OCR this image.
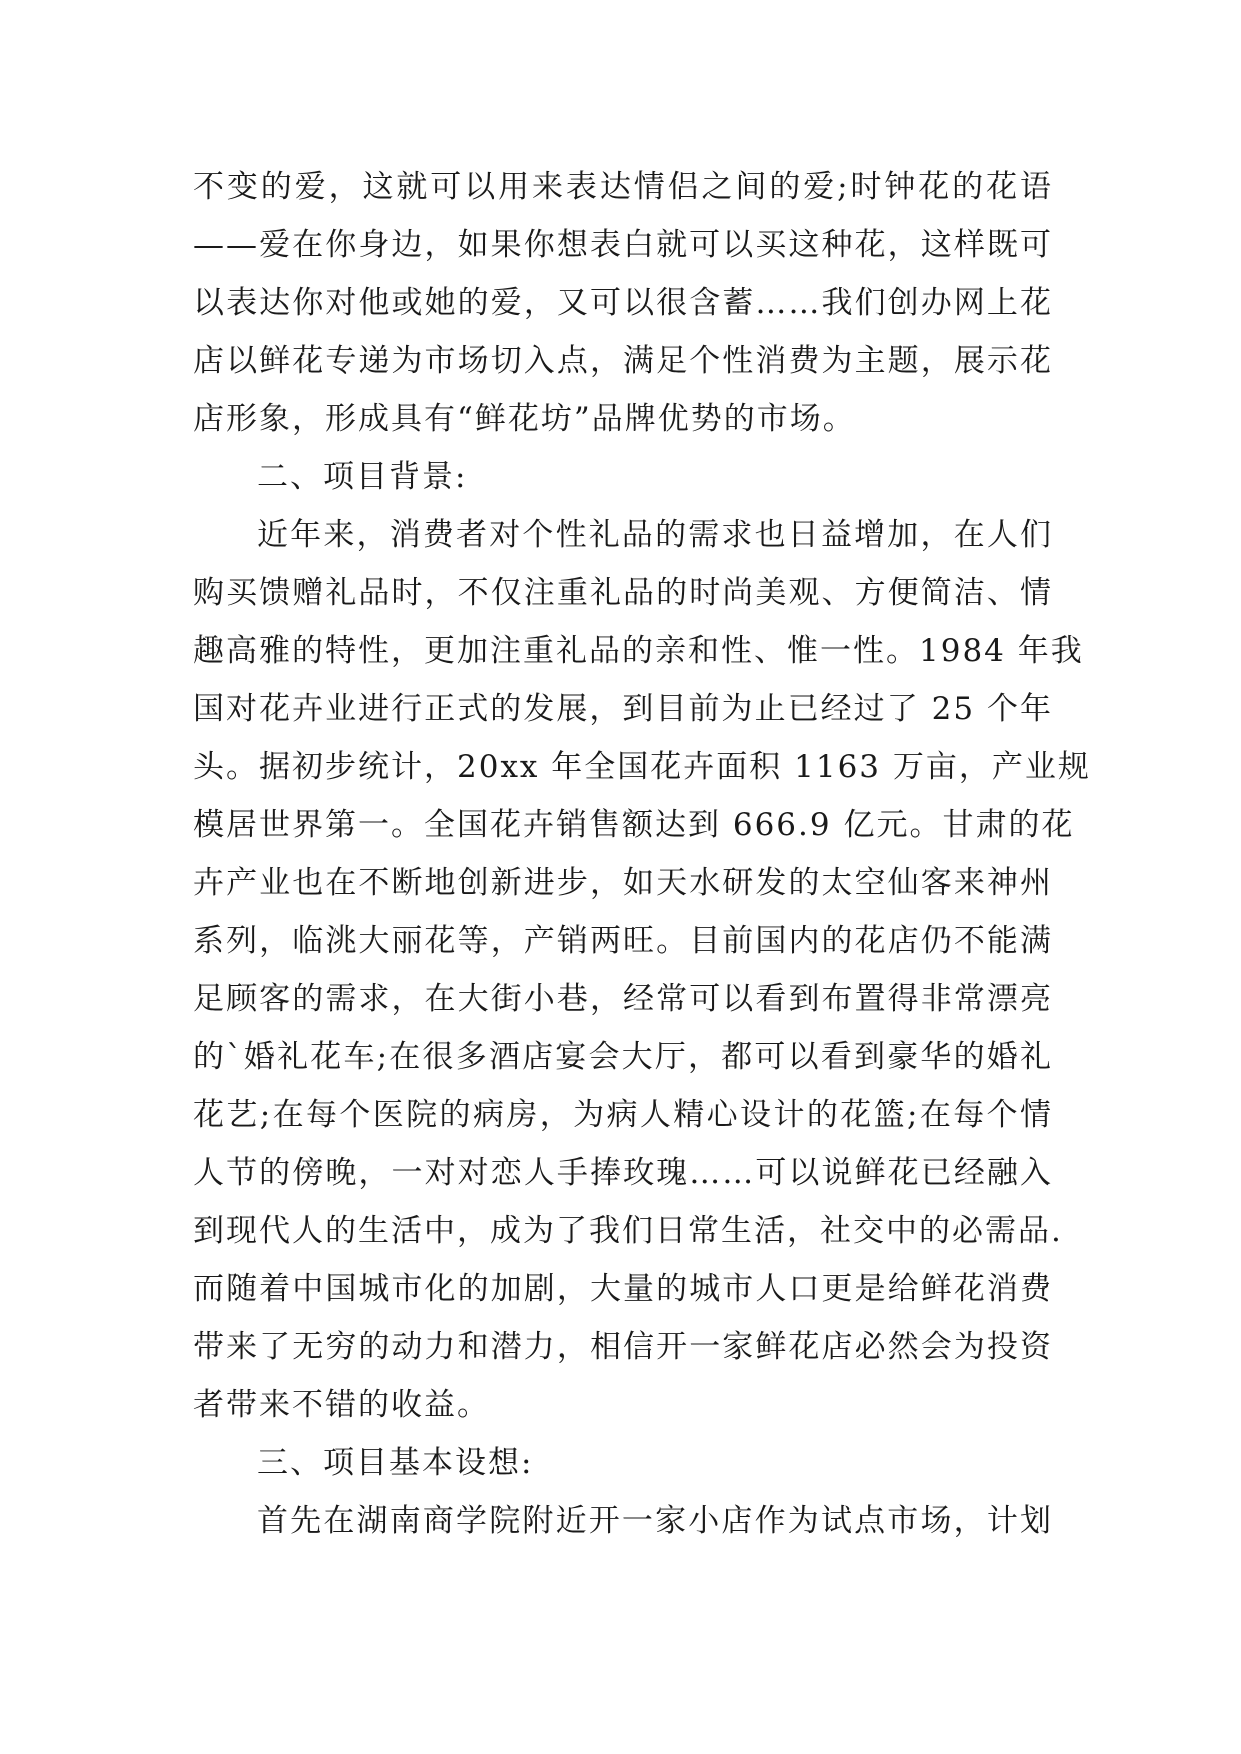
不变的爱，这就可以用来表达情侣之间的爱;时钟花的花语
——爱在你身边，如果你想表白就可以买这种花，这样既可
以表达你对他或她的爱，又可以很含蓄……我们创办网上花
店以鲜花专递为市场切入点，满足个性消费为主题，展示花
店形象，形成具有“鲜花坊”品牌优势的市场。
二、项目背景:
近年来，消费者对个性礼品的需求也日益增加，在人们
购买馈赠礼品时，不仅注重礼品的时尚美观、方便简洁、情
趣高雅的特性，更加注重礼品的亲和性、惟一性。1984 年我
国对花卉业进行正式的发展，到目前为止已经过了 25 个年
头。据初步统计，20xx 年全国花卉面积 1163 万亩，产业规
模居世界第一。全国花卉销售额达到 666.9 亿元。甘肃的花
卉产业也在不断地创新进步，如天水研发的太空仙客来神州
系列，临洮大丽花等，产销两旺。目前国内的花店仍不能满
足顾客的需求，在大街小巷，经常可以看到布置得非常漂亮
的`婚礼花车;在很多酒店宴会大厅，都可以看到豪华的婚礼
花艺;在每个医院的病房，为病人精心设计的花篮;在每个情
人节的傍晚，一对对恋人手捧玫瑰……可以说鲜花已经融入
到现代人的生活中，成为了我们日常生活，社交中的必需品.
而随着中国城市化的加剧，大量的城市人口更是给鲜花消费
带来了无穷的动力和潜力，相信开一家鲜花店必然会为投资
者带来不错的收益。
三、项目基本设想:
首先在湖南商学院附近开一家小店作为试点市场，计划
